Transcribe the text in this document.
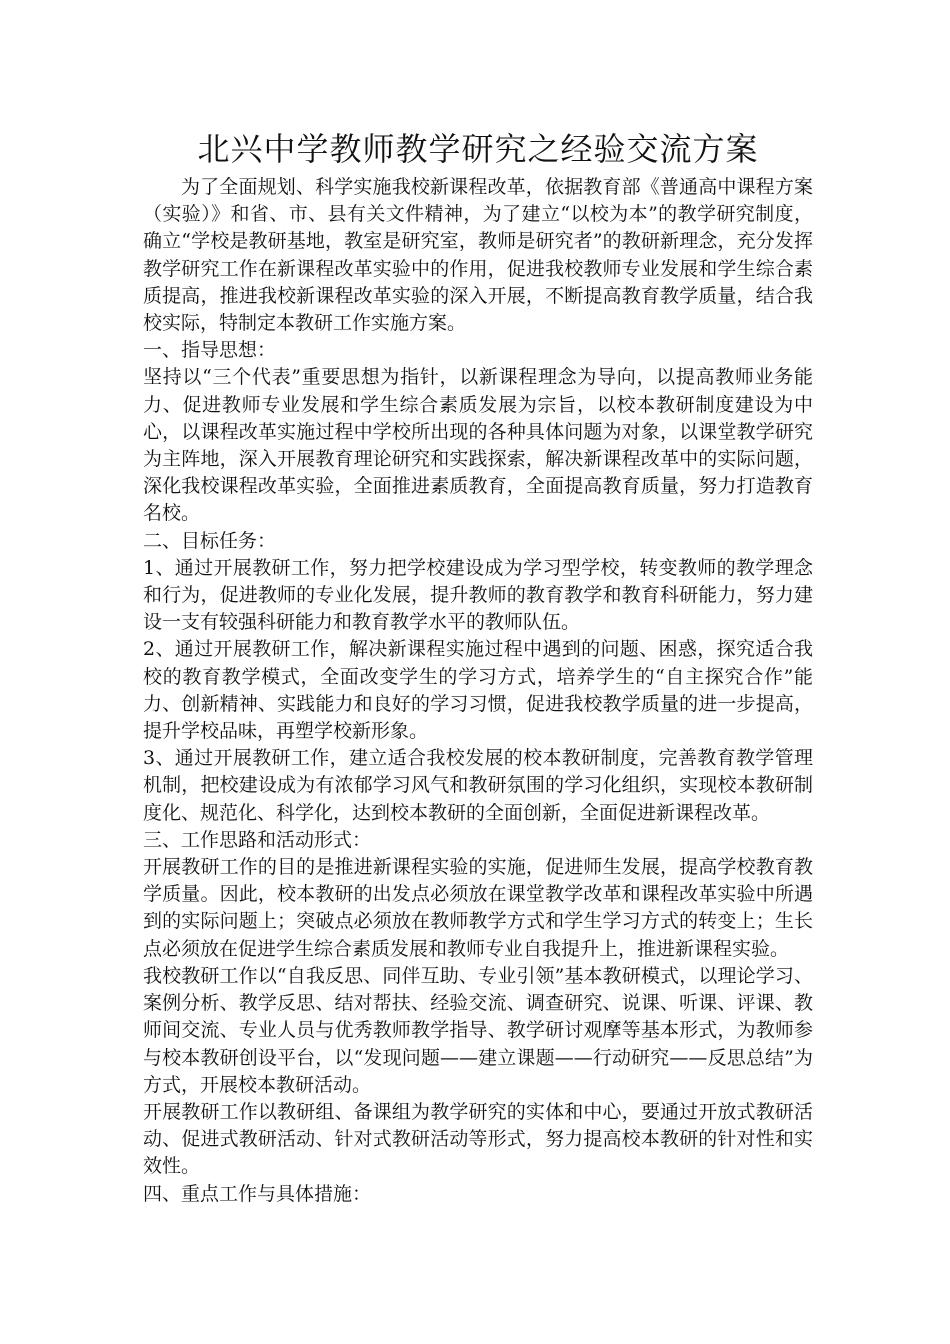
北兴中学教师教学研究之经验交流方案

为了全面规划、科学实施我校新课程改革，依据教育部《普通高中课程方案（实验）》和省、市、县有关文件精神，为了建立“以校为本”的教学研究制度，确立“学校是教研基地，教室是研究室，教师是研究者”的教研新理念，充分发挥教学研究工作在新课程改革实验中的作用，促进我校教师专业发展和学生综合素质提高，推进我校新课程改革实验的深入开展，不断提高教育教学质量，结合我校实际，特制定本教研工作实施方案。

一、指导思想：

坚持以“三个代表”重要思想为指针，以新课程理念为导向，以提高教师业务能力、促进教师专业发展和学生综合素质发展为宗旨，以校本教研制度建设为中心，以课程改革实施过程中学校所出现的各种具体问题为对象，以课堂教学研究为主阵地，深入开展教育理论研究和实践探索，解决新课程改革中的实际问题，深化我校课程改革实验，全面推进素质教育，全面提高教育质量，努力打造教育名校。

二、目标任务：

1、通过开展教研工作，努力把学校建设成为学习型学校，转变教师的教学理念和行为，促进教师的专业化发展，提升教师的教育教学和教育科研能力，努力建设一支有较强科研能力和教育教学水平的教师队伍。

2、通过开展教研工作，解决新课程实施过程中遇到的问题、困惑，探究适合我校的教育教学模式，全面改变学生的学习方式，培养学生的“自主探究合作”能力、创新精神、实践能力和良好的学习习惯，促进我校教学质量的进一步提高，提升学校品味，再塑学校新形象。

3、通过开展教研工作，建立适合我校发展的校本教研制度，完善教育教学管理机制，把校建设成为有浓郁学习风气和教研氛围的学习化组织，实现校本教研制度化、规范化、科学化，达到校本教研的全面创新，全面促进新课程改革。

三、工作思路和活动形式：

开展教研工作的目的是推进新课程实验的实施，促进师生发展，提高学校教育教学质量。因此，校本教研的出发点必须放在课堂教学改革和课程改革实验中所遇到的实际问题上；突破点必须放在教师教学方式和学生学习方式的转变上；生长点必须放在促进学生综合素质发展和教师专业自我提升上，推进新课程实验。

我校教研工作以“自我反思、同伴互助、专业引领”基本教研模式，以理论学习、案例分析、教学反思、结对帮扶、经验交流、调查研究、说课、听课、评课、教师间交流、专业人员与优秀教师教学指导、教学研讨观摩等基本形式，为教师参与校本教研创设平台，以“发现问题——建立课题——行动研究——反思总结”为方式，开展校本教研活动。

开展教研工作以教研组、备课组为教学研究的实体和中心，要通过开放式教研活动、促进式教研活动、针对式教研活动等形式，努力提高校本教研的针对性和实效性。

四、重点工作与具体措施：
